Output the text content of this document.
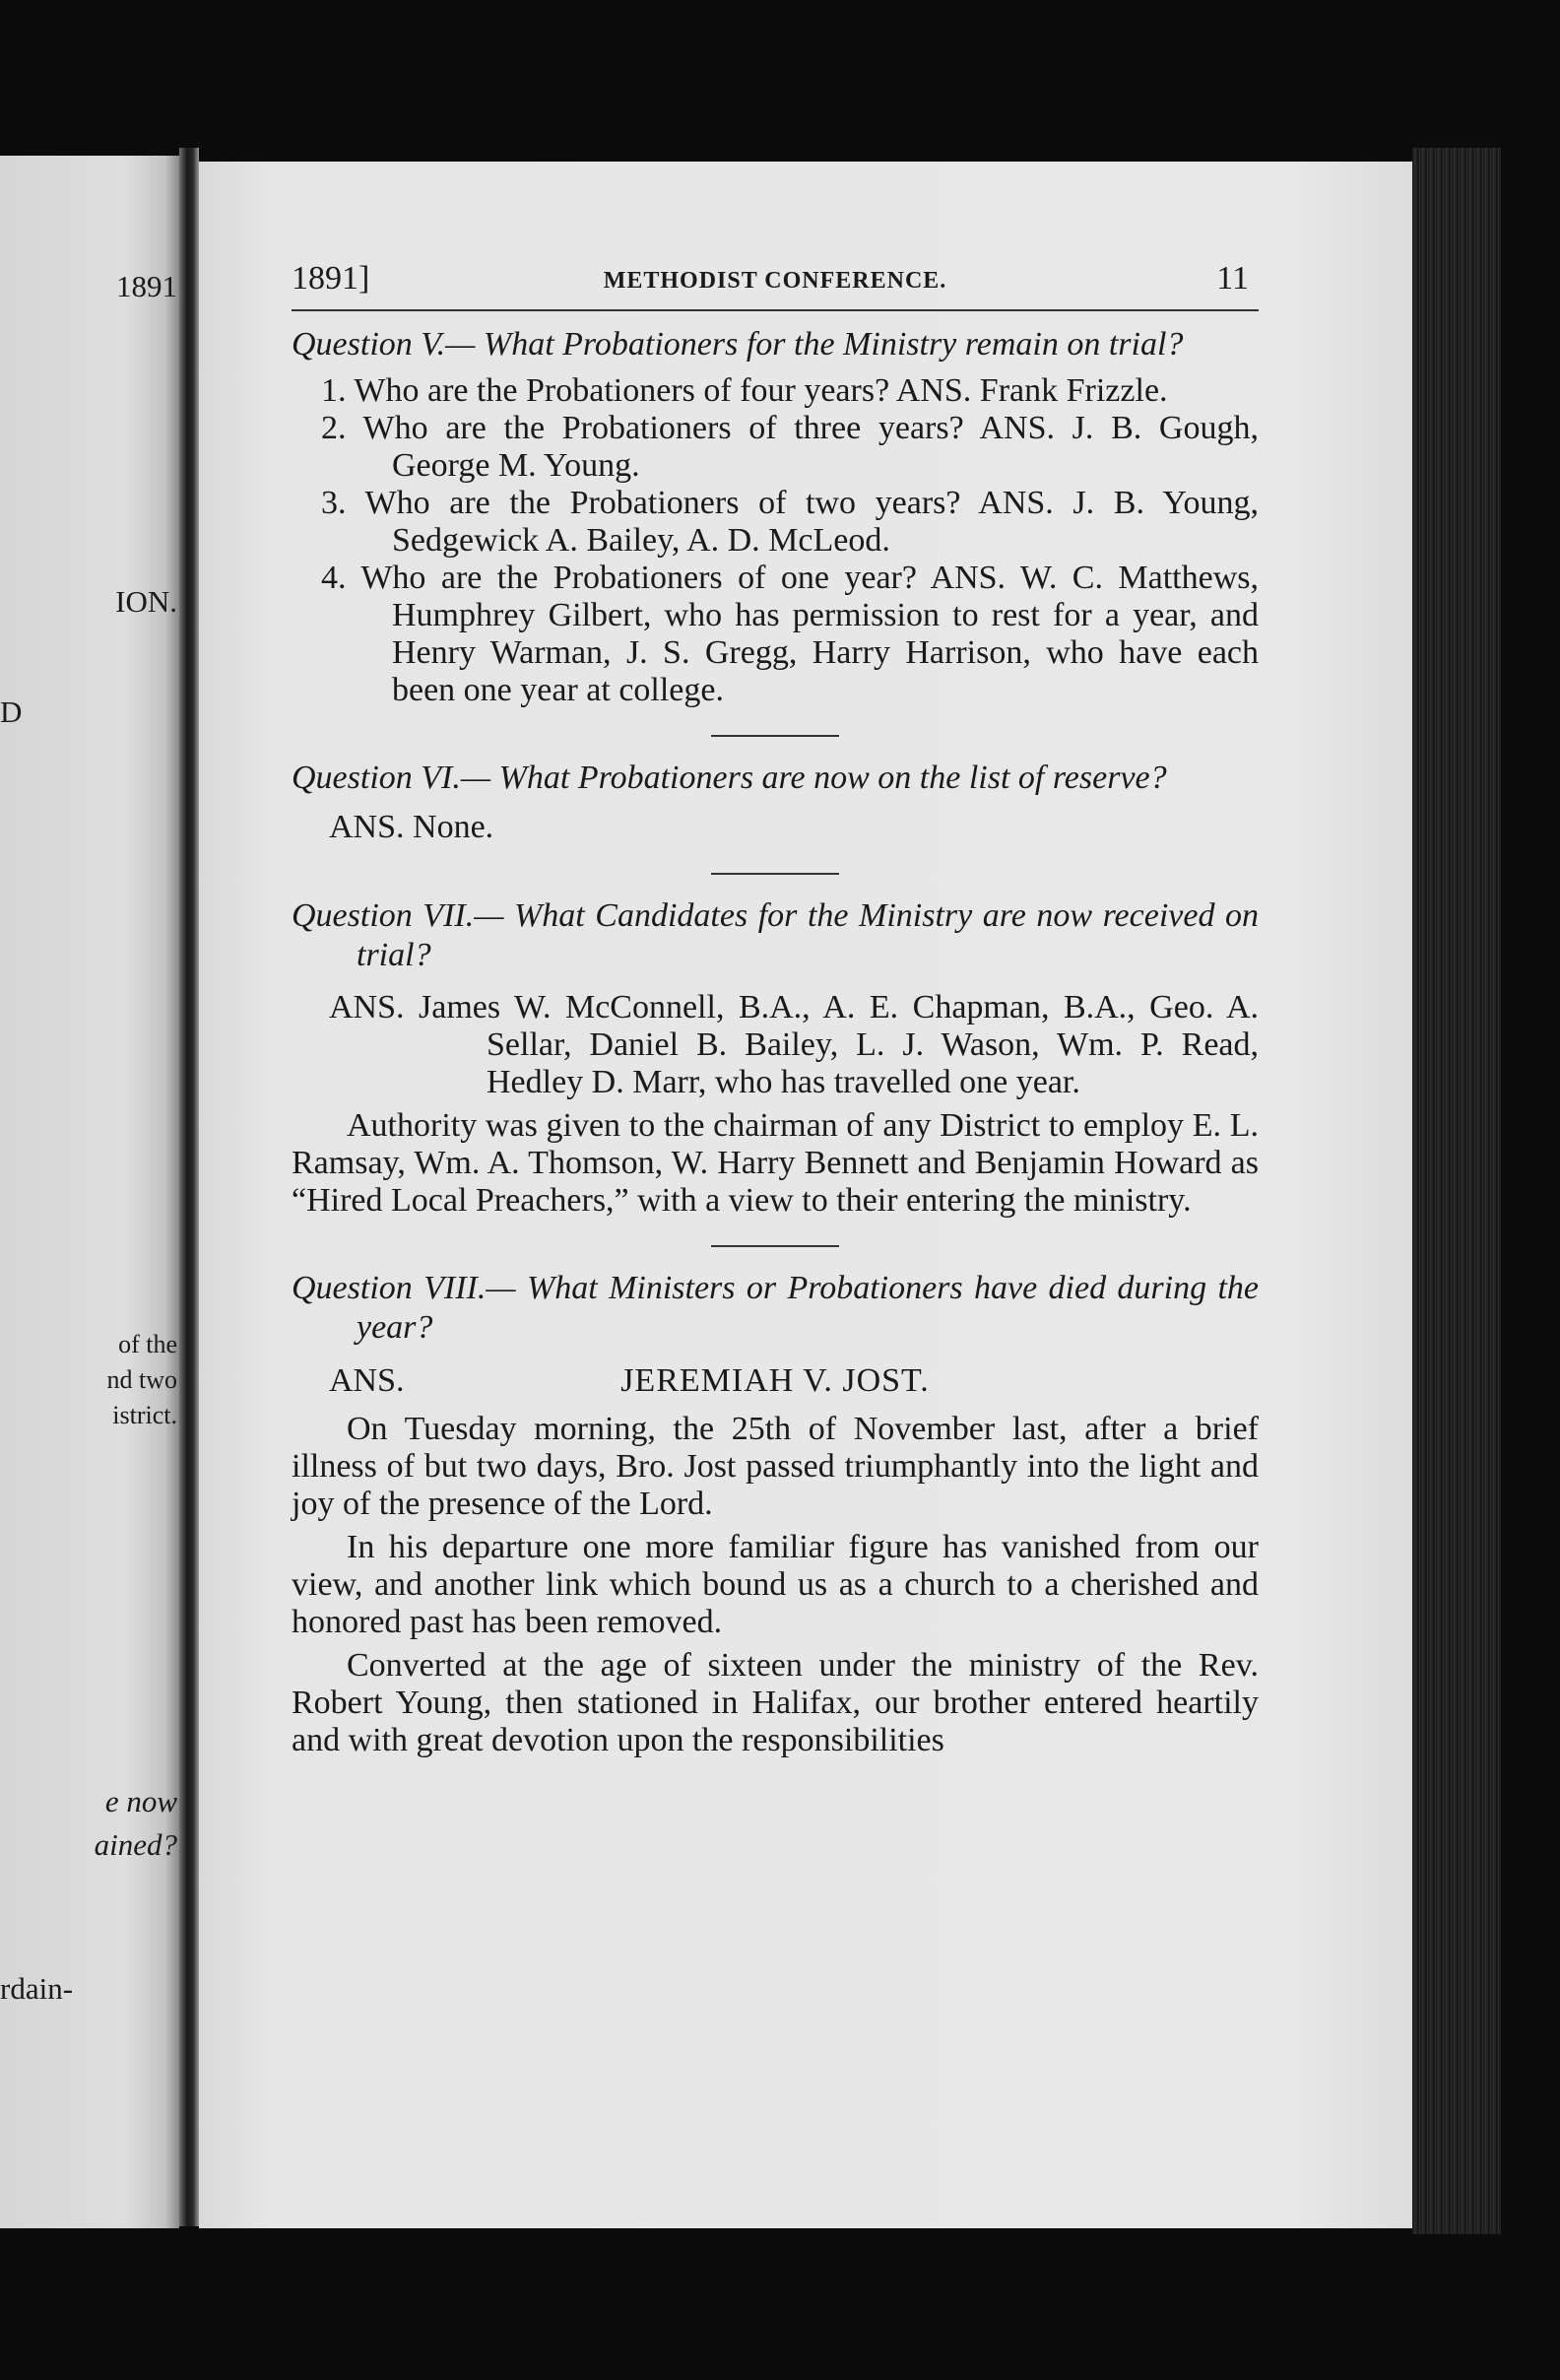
1891
ION.
D
of the
nd two
istrict.
e now
ained?
rdain-
1891]	METHODIST CONFERENCE.	11
Question V.— What Probationers for the Ministry remain on trial?
1. Who are the Probationers of four years? ANS. Frank Frizzle.
2. Who are the Probationers of three years? ANS. J. B. Gough, George M. Young.
3. Who are the Probationers of two years? ANS. J. B. Young, Sedgewick A. Bailey, A. D. McLeod.
4. Who are the Probationers of one year? ANS. W. C. Matthews, Humphrey Gilbert, who has permission to rest for a year, and Henry Warman, J. S. Gregg, Harry Harrison, who have each been one year at college.
Question VI.— What Probationers are now on the list of reserve?
ANS. None.
Question VII.— What Candidates for the Ministry are now received on trial?
ANS. James W. McConnell, B.A., A. E. Chapman, B.A., Geo. A. Sellar, Daniel B. Bailey, L. J. Wason, Wm. P. Read, Hedley D. Marr, who has travelled one year.

Authority was given to the chairman of any District to employ E. L. Ramsay, Wm. A. Thomson, W. Harry Bennett and Benjamin Howard as “Hired Local Preachers,” with a view to their entering the ministry.

Question VIII.— What Ministers or Probationers have died during the year?
ANS.	JEREMIAH V. JOST.

On Tuesday morning, the 25th of November last, after a brief illness of but two days, Bro. Jost passed triumphantly into the light and joy of the presence of the Lord.

In his departure one more familiar figure has vanished from our view, and another link which bound us as a church to a cherished and honored past has been removed.

Converted at the age of sixteen under the ministry of the Rev. Robert Young, then stationed in Halifax, our brother entered heartily and with great devotion upon the responsibilities
